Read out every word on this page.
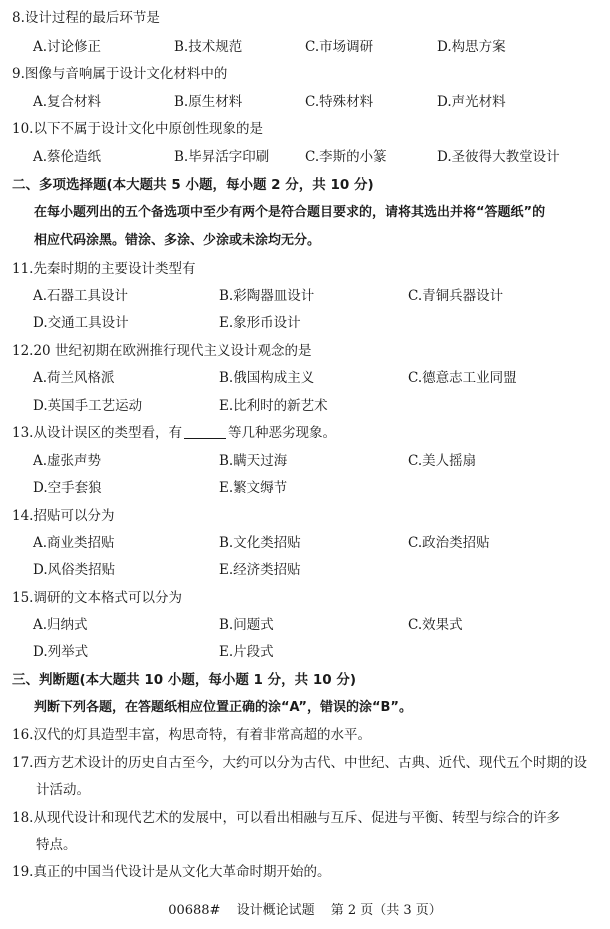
8.设计过程的最后环节是
A.讨论修正	B.技术规范	C.市场调研	D.构思方案
9.图像与音响属于设计文化材料中的
A.复合材料	B.原生材料	C.特殊材料	D.声光材料
10.以下不属于设计文化中原创性现象的是
A.蔡伦造纸	B.毕昇活字印刷	C.李斯的小篆	D.圣彼得大教堂设计
二、多项选择题(本大题共 5 小题，每小题 2 分，共 10 分)
在每小题列出的五个备选项中至少有两个是符合题目要求的，请将其选出并将“答题纸”的
相应代码涂黑。错涂、多涂、少涂或未涂均无分。
11.先秦时期的主要设计类型有
A.石器工具设计	B.彩陶器皿设计	C.青铜兵器设计
D.交通工具设计	E.象形币设计
12.20 世纪初期在欧洲推行现代主义设计观念的是
A.荷兰风格派	B.俄国构成主义	C.德意志工业同盟
D.英国手工艺运动	E.比利时的新艺术
13.从设计误区的类型看，有	等几种恶劣现象。
A.虚张声势	B.瞒天过海	C.美人摇扇
D.空手套狼	E.繁文缛节
14.招贴可以分为
A.商业类招贴	B.文化类招贴	C.政治类招贴
D.风俗类招贴	E.经济类招贴
15.调研的文本格式可以分为
A.归纳式	B.问题式	C.效果式
D.列举式	E.片段式
三、判断题(本大题共 10 小题，每小题 1 分，共 10 分)
判断下列各题，在答题纸相应位置正确的涂“A”，错误的涂“B”。
16.汉代的灯具造型丰富，构思奇特，有着非常高超的水平。
17.西方艺术设计的历史自古至今，大约可以分为古代、中世纪、古典、近代、现代五个时期的设
计活动。
18.从现代设计和现代艺术的发展中，可以看出相融与互斥、促进与平衡、转型与综合的许多
特点。
19.真正的中国当代设计是从文化大革命时期开始的。
00688# 设计概论试题 第 2 页（共 3 页）
